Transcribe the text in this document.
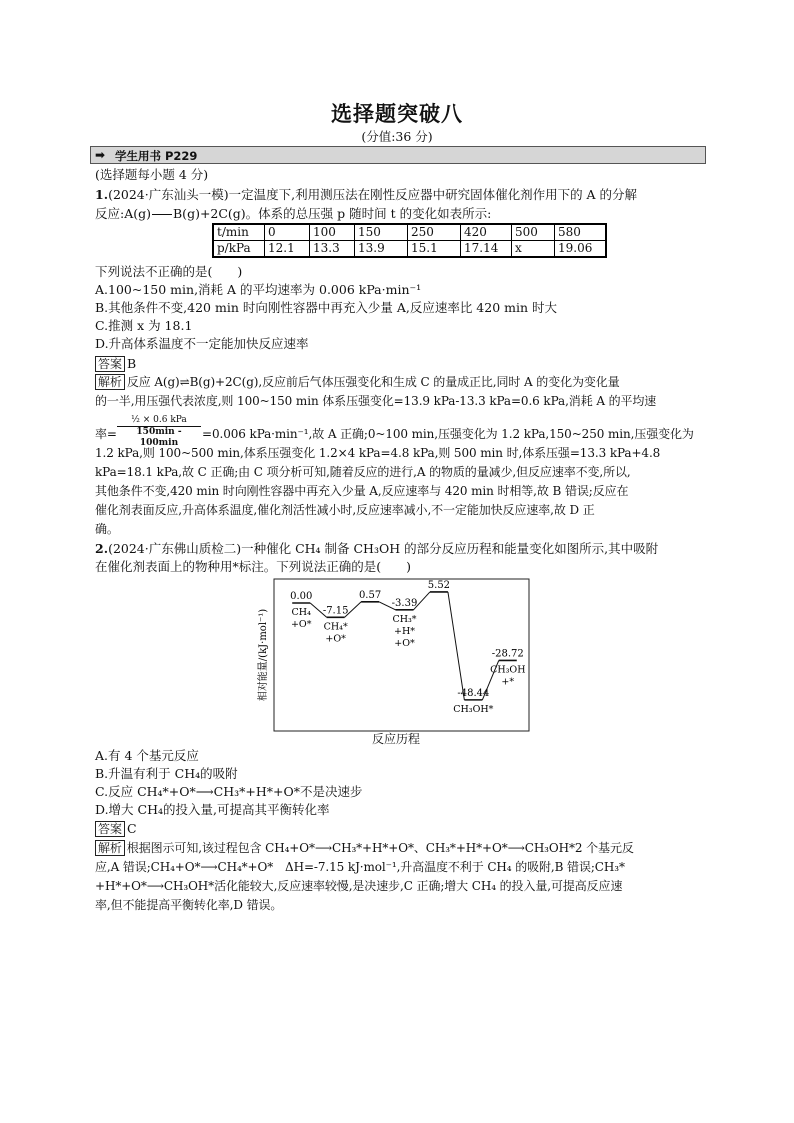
选择题突破八
(分值:36 分)
➡ 学生用书 P229
(选择题每小题 4 分)
1.(2024·广东汕头一模)一定温度下,利用测压法在刚性反应器中研究固体催化剂作用下的 A 的分解
反应:A(g) B(g)+2C(g)。体系的总压强 p 随时间 t 的变化如表所示:
t/min	0	100	150	250	420	500	580
p/kPa	12.1	13.3	13.9	15.1	17.14	x	19.06
下列说法不正确的是(　　)
A.100~150 min,消耗 A 的平均速率为 0.006 kPa·min⁻¹
B.其他条件不变,420 min 时向刚性容器中再充入少量 A,反应速率比 420 min 时大
C.推测 x 为 18.1
D.升高体系温度不一定能加快反应速率
答案 B
解析 反应 A(g)⇌B(g)+2C(g),反应前后气体压强变化和生成 C 的量成正比,同时 A 的变化为变化量
的一半,用压强代表浓度,则 100~150 min 体系压强变化=13.9 kPa-13.3 kPa=0.6 kPa,消耗 A 的平均速
率=
½ × 0.6 kPa
150min - 100min
=0.006 kPa·min⁻¹,故 A 正确;0~100 min,压强变化为 1.2 kPa,150~250 min,压强变化为
1.2 kPa,则 100~500 min,体系压强变化 1.2×4 kPa=4.8 kPa,则 500 min 时,体系压强=13.3 kPa+4.8
kPa=18.1 kPa,故 C 正确;由 C 项分析可知,随着反应的进行,A 的物质的量减少,但反应速率不变,所以,
其他条件不变,420 min 时向刚性容器中再充入少量 A,反应速率与 420 min 时相等,故 B 错误;反应在
催化剂表面反应,升高体系温度,催化剂活性减小时,反应速率减小,不一定能加快反应速率,故 D 正
确。
2.(2024·广东佛山质检二)一种催化 CH₄ 制备 CH₃OH 的部分反应历程和能量变化如图所示,其中吸附
在催化剂表面上的物种用*标注。下列说法正确的是(　　)
相对能量/(kJ·mol⁻¹)
0.00
CH₄
+O*
-7.15
CH₄*
+O*
0.57
-3.39
CH₃*
+H*
+O*
5.52
-48.44
CH₃OH*
-28.72
CH₃OH
+*
反应历程
A.有 4 个基元反应
B.升温有利于 CH₄的吸附
C.反应 CH₄*+O*⟶CH₃*+H*+O*不是决速步
D.增大 CH₄的投入量,可提高其平衡转化率
答案 C
解析 根据图示可知,该过程包含 CH₄+O*⟶CH₃*+H*+O*、CH₃*+H*+O*⟶CH₃OH*2 个基元反
应,A 错误;CH₄+O*⟶CH₄*+O*　ΔH=-7.15 kJ·mol⁻¹,升高温度不利于 CH₄ 的吸附,B 错误;CH₃*
+H*+O*⟶CH₃OH*活化能较大,反应速率较慢,是决速步,C 正确;增大 CH₄ 的投入量,可提高反应速
率,但不能提高平衡转化率,D 错误。
